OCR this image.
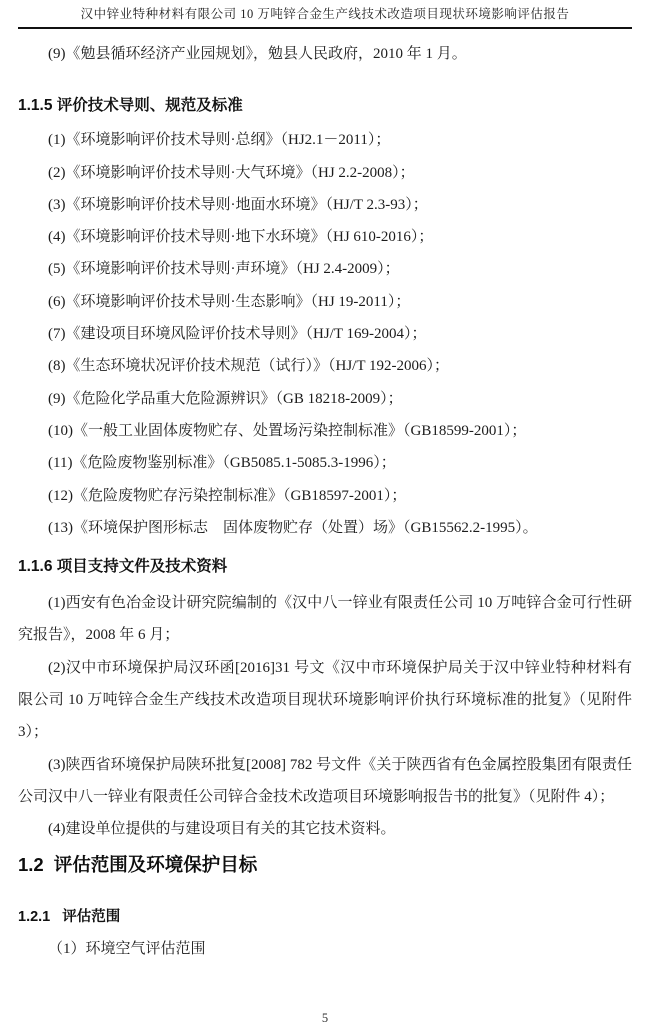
汉中锌业特种材料有限公司 10 万吨锌合金生产线技术改造项目现状环境影响评估报告

(9)《勉县循环经济产业园规划》，勉县人民政府，2010 年 1 月。

1.1.5 评价技术导则、规范及标准

(1)《环境影响评价技术导则·总纲》（HJ2.1－2011）；

(2)《环境影响评价技术导则·大气环境》（HJ 2.2-2008）；

(3)《环境影响评价技术导则·地面水环境》（HJ/T 2.3-93）；

(4)《环境影响评价技术导则·地下水环境》（HJ 610-2016）；

(5)《环境影响评价技术导则·声环境》（HJ 2.4-2009）；

(6)《环境影响评价技术导则·生态影响》（HJ 19-2011）；

(7)《建设项目环境风险评价技术导则》（HJ/T 169-2004）；

(8)《生态环境状况评价技术规范（试行）》（HJ/T 192-2006）；

(9)《危险化学品重大危险源辨识》（GB 18218-2009）；

(10)《一般工业固体废物贮存、处置场污染控制标准》（GB18599-2001）；

(11)《危险废物鉴别标准》（GB5085.1-5085.3-1996）；

(12)《危险废物贮存污染控制标准》（GB18597-2001）；

(13)《环境保护图形标志　固体废物贮存（处置）场》（GB15562.2-1995）。

1.1.6 项目支持文件及技术资料

(1)西安有色冶金设计研究院编制的《汉中八一锌业有限责任公司 10 万吨锌合金可行性研究报告》，2008 年 6 月；

(2)汉中市环境保护局汉环函[2016]31 号文《汉中市环境保护局关于汉中锌业特种材料有限公司 10 万吨锌合金生产线技术改造项目现状环境影响评价执行环境标准的批复》（见附件 3）；

(3)陕西省环境保护局陕环批复[2008] 782 号文件《关于陕西省有色金属控股集团有限责任公司汉中八一锌业有限责任公司锌合金技术改造项目环境影响报告书的批复》（见附件 4）；

(4)建设单位提供的与建设项目有关的其它技术资料。

1.2 评估范围及环境保护目标
1.2.1 评估范围

（1）环境空气评估范围

5
